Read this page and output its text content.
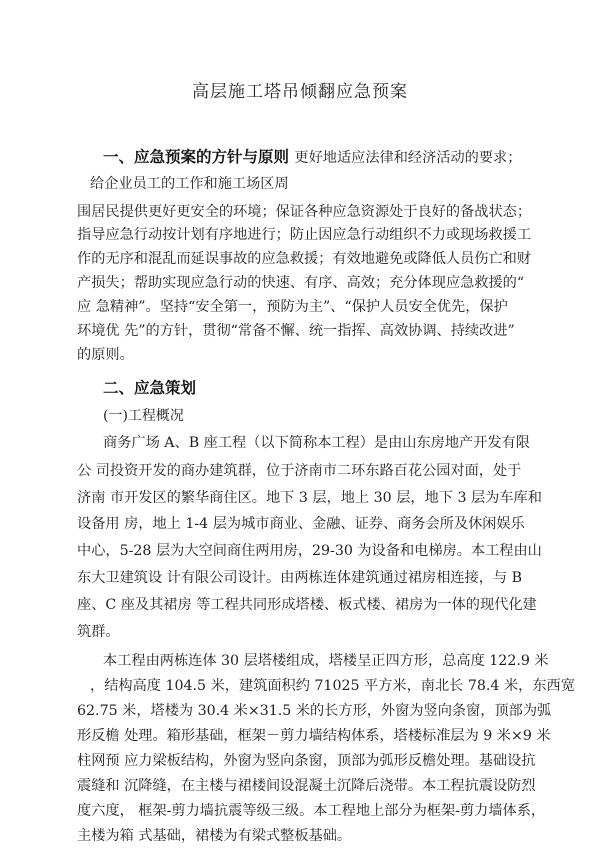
高层施工塔吊倾翻应急预案
一、应急预案的方针与原则 更好地适应法律和经济活动的要求；
给企业员工的工作和施工场区周
围居民提供更好更安全的环境；保证各种应急资源处于良好的备战状态；
指导应急行动按计划有序地进行；防止因应急行动组织不力或现场救援工
作的无序和混乱而延误事故的应急救援；有效地避免或降低人员伤亡和财
产损失；帮助实现应急行动的快速、有序、高效；充分体现应急救援的“
应 急精神”。坚持“安全第一，预防为主”、“保护人员安全优先，保护
环境优 先”的方针，贯彻“常备不懈、统一指挥、高效协调、持续改进”
的原则。
二、应急策划
(一)工程概况
商务广场 A、B 座工程（以下简称本工程）是由山东房地产开发有限
公 司投资开发的商办建筑群，位于济南市二环东路百花公园对面，处于
济南 市开发区的繁华商住区。地下 3 层，地上 30 层，地下 3 层为车库和
设备用 房，地上 1-4 层为城市商业、金融、证券、商务会所及休闲娱乐
中心，5-28 层为大空间商住两用房，29-30 为设备和电梯房。本工程由山
东大卫建筑设 计有限公司设计。由两栋连体建筑通过裙房相连接，与 B
座、C 座及其裙房 等工程共同形成塔楼、板式楼、裙房为一体的现代化建
筑群。
本工程由两栋连体 30 层塔楼组成，塔楼呈正四方形，总高度 122.9 米
，结构高度 104.5 米，建筑面积约 71025 平方米，南北长 78.4 米，东西宽
62.75 米，塔楼为 30.4 米×31.5 米的长方形，外窗为竖向条窗，顶部为弧
形反檐 处理。箱形基础，框架－剪力墙结构体系，塔楼标准层为 9 米×9 米
柱网预 应力梁板结构，外窗为竖向条窗，顶部为弧形反檐处理。基础设抗
震缝和 沉降缝，在主楼与裙楼间设混凝土沉降后浇带。本工程抗震设防烈
度六度， 框架-剪力墙抗震等级三级。本工程地上部分为框架-剪力墙体系，
主楼为箱 式基础，裙楼为有梁式整板基础。
